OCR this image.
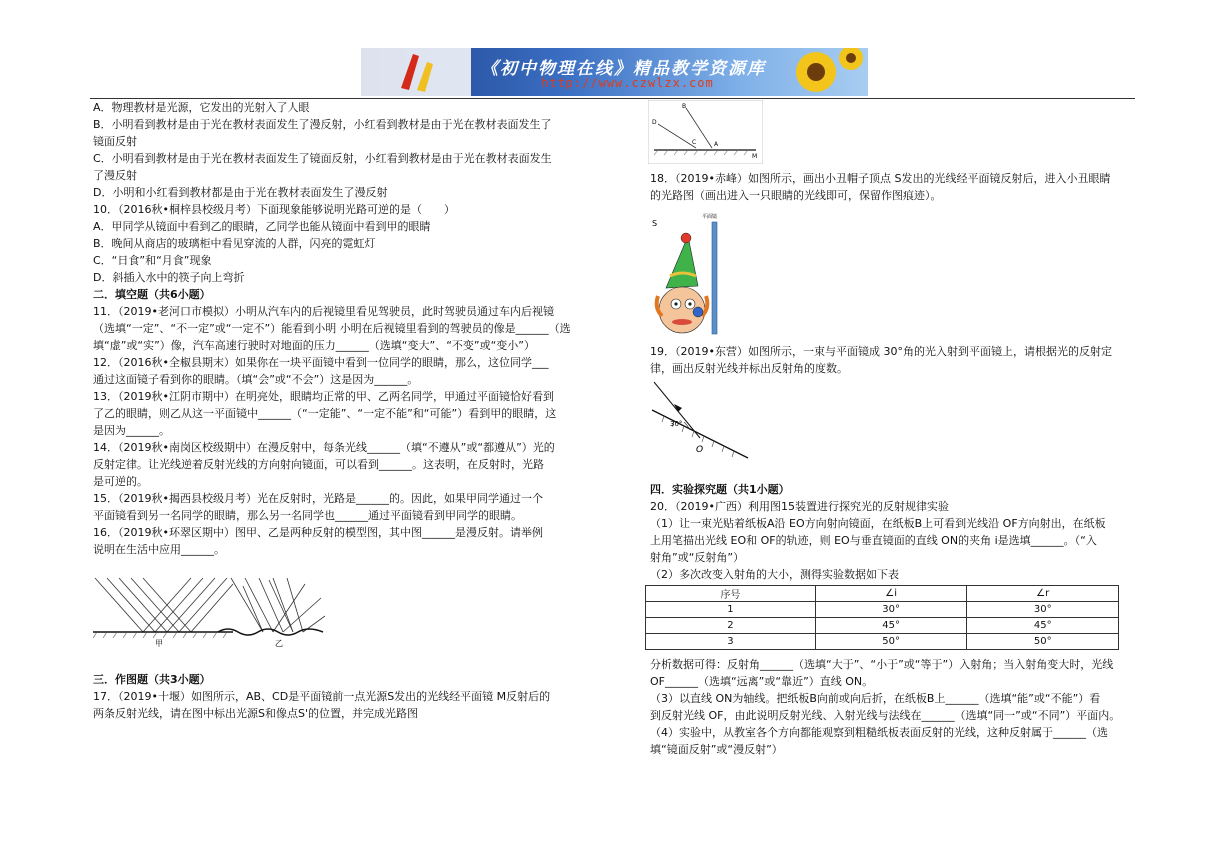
《初中物理在线》精品教学资源库
http://www.czwlzx.com

A．物理教材是光源，它发出的光射入了人眼

B．小明看到教材是由于光在教材表面发生了漫反射，小红看到教材是由于光在教材表面发生了

镜面反射

C．小明看到教材是由于光在教材表面发生了镜面反射，小红看到教材是由于光在教材表面发生

了漫反射

D．小明和小红看到教材都是由于光在教材表面发生了漫反射

10．（2016秋•桐梓县校级月考）下面现象能够说明光路可逆的是（　　）

A．甲同学从镜面中看到乙的眼睛，乙同学也能从镜面中看到甲的眼睛

B．晚间从商店的玻璃柜中看见穿流的人群，闪亮的霓虹灯

C．“日食”和“月食”现象

D．斜插入水中的筷子向上弯折

二．填空题（共6小题）

11．（2019•老河口市模拟）小明从汽车内的后视镜里看见驾驶员，此时驾驶员通过车内后视镜

（选填“一定”、“不一定”或“一定不”）能看到小明 小明在后视镜里看到的驾驶员的像是______（选

填“虚”或“实”）像，汽车高速行驶时对地面的压力______（选填“变大”、“不变”或“变小”）

12．（2016秋•全椒县期末）如果你在一块平面镜中看到一位同学的眼睛，那么，这位同学___

通过这面镜子看到你的眼睛。（填“会”或“不会”）这是因为______。

13．（2019秋•江阴市期中）在明亮处，眼睛均正常的甲、乙两名同学，甲通过平面镜恰好看到

了乙的眼睛，则乙从这一平面镜中______（“一定能”、“一定不能”和“可能”）看到甲的眼睛，这

是因为______。

14．（2019秋•南岗区校级期中）在漫反射中，每条光线______（填“不遵从”或“都遵从”）光的

反射定律。让光线逆着反射光线的方向射向镜面，可以看到______。这表明，在反射时，光路

是可逆的。

15．（2019秋•揭西县校级月考）光在反射时，光路是______的。因此，如果甲同学通过一个

平面镜看到另一名同学的眼睛，那么另一名同学也______通过平面镜看到甲同学的眼睛。

16．（2019秋•环翠区期中）图甲、乙是两种反射的模型图，其中图______是漫反射。请举例

说明在生活中应用______。

甲	乙

三．作图题（共3小题）

17．（2019•十堰）如图所示，AB、CD是平面镜前一点光源S发出的光线经平面镜 M反射后的

两条反射光线，请在图中标出光源S和像点S'的位置，并完成光路图

B
D
C	A
M

18．（2019•赤峰）如图所示，画出小丑帽子顶点 S发出的光线经平面镜反射后，进入小丑眼睛

的光路图（画出进入一只眼睛的光线即可，保留作图痕迹）。

S
平面镜

19．（2019•东营）如图所示，一束与平面镜成 30°角的光入射到平面镜上，请根据光的反射定

律，画出反射光线并标出反射角的度数。

30°
O

四．实验探究题（共1小题）

20．（2019•广西）利用图15装置进行探究光的反射规律实验

（1）让一束光贴着纸板A沿 EO方向射向镜面，在纸板B上可看到光线沿 OF方向射出，在纸板

上用笔描出光线 EO和 OF的轨迹，则 EO与垂直镜面的直线 ON的夹角 i是选填______。（“入

射角”或“反射角”）

（2）多次改变入射角的大小，测得实验数据如下表

序号	∠i	∠r
1	30°	30°
2	45°	45°
3	50°	50°

分析数据可得：反射角______（选填“大于”、“小于”或“等于”）入射角；当入射角变大时，光线

OF______（选填“远离”或“靠近”）直线 ON。

（3）以直线 ON为轴线。把纸板B向前或向后折，在纸板B上______（选填“能”或“不能”）看

到反射光线 OF，由此说明反射光线、入射光线与法线在______（选填“同一”或“不同”）平面内。

（4）实验中，从教室各个方向都能观察到粗糙纸板表面反射的光线，这种反射属于______（选

填“镜面反射”或“漫反射”）
